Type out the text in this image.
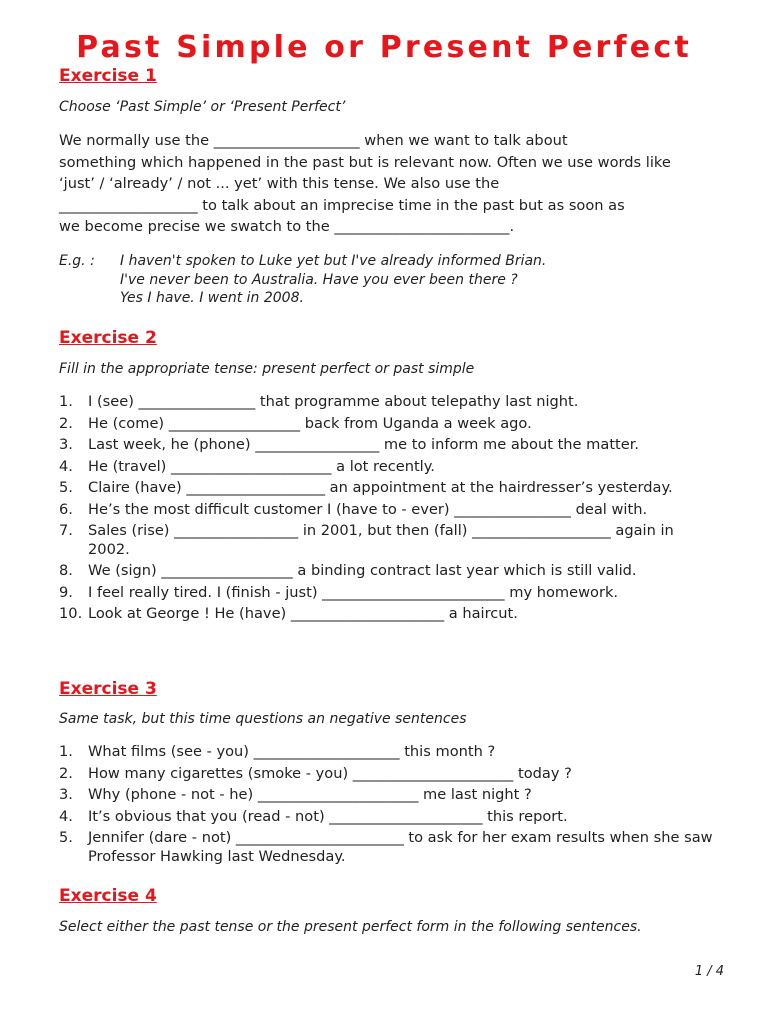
Past Simple or Present Perfect
Exercise 1
Choose ‘Past Simple’ or ‘Present Perfect’
We normally use the ____________________ when we want to talk about
something which happened in the past but is relevant now. Often we use words like
‘just’ / ‘already’ / not ... yet’ with this tense. We also use the
___________________ to talk about an imprecise time in the past but as soon as
we become precise we swatch to the ________________________.
E.g. : I haven't spoken to Luke yet but I've already informed Brian.
I've never been to Australia. Have you ever been there ?
Yes I have. I went in 2008.
Exercise 2
Fill in the appropriate tense: present perfect or past simple
1. I (see) ________________ that programme about telepathy last night.
2. He (come) __________________ back from Uganda a week ago.
3. Last week, he (phone) _________________ me to inform me about the matter.
4. He (travel) ______________________ a lot recently.
5. Claire (have) ___________________ an appointment at the hairdresser’s yesterday.
6. He’s the most difficult customer I (have to - ever) ________________ deal with.
7. Sales (rise) _________________ in 2001, but then (fall) ___________________ again in 2002.
8. We (sign) __________________ a binding contract last year which is still valid.
9. I feel really tired. I (finish - just) _________________________ my homework.
10. Look at George ! He (have) _____________________ a haircut.
Exercise 3
Same task, but this time questions an negative sentences
1. What films (see - you) ____________________ this month ?
2. How many cigarettes (smoke - you) ______________________ today ?
3. Why (phone - not - he) ______________________ me last night ?
4. It’s obvious that you (read - not) _____________________ this report.
5. Jennifer (dare - not) _______________________ to ask for her exam results when she saw Professor Hawking last Wednesday.
Exercise 4
Select either the past tense or the present perfect form in the following sentences.
1 / 4
